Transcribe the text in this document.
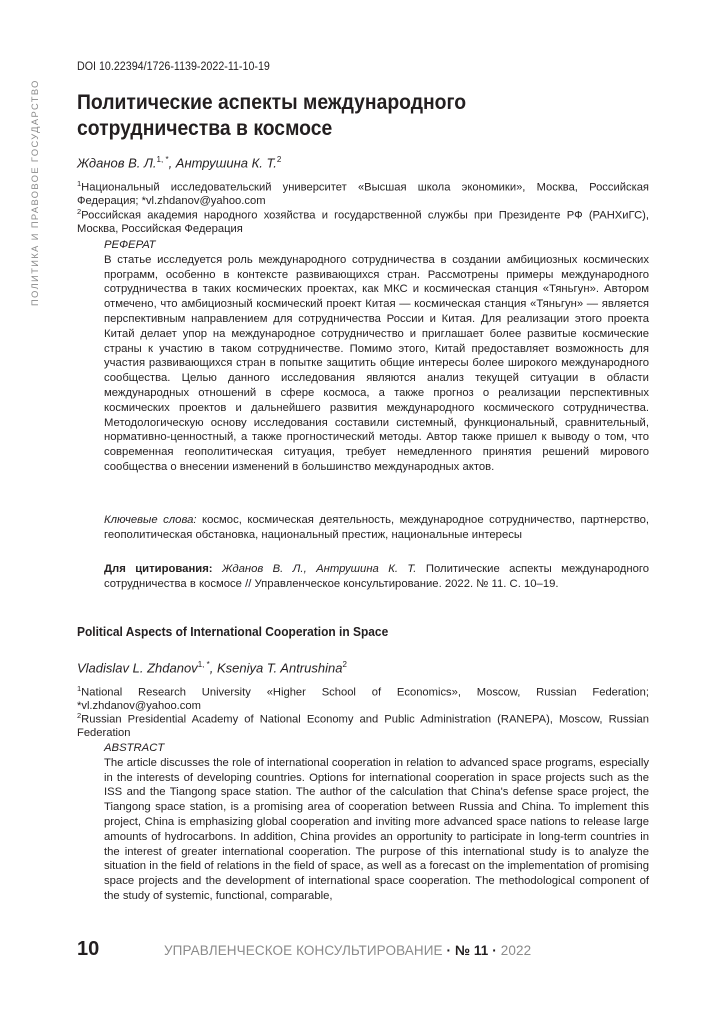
ПОЛИТИКА И ПРАВОВОЕ ГОСУДАРСТВО
DOI 10.22394/1726-1139-2022-11-10-19
Политические аспекты международного сотрудничества в космосе
Жданов В. Л.$^{1, *}$, Антрушина К. Т.$^2$
$^1$Национальный исследовательский университет «Высшая школа экономики», Москва, Российская Федерация; *vl.zhdanov@yahoo.com
$^2$Российская академия народного хозяйства и государственной службы при Президенте РФ (РАНХиГС), Москва, Российская Федерация
РЕФЕРАТ

В статье исследуется роль международного сотрудничества в создании амбициозных космических программ, особенно в контексте развивающихся стран. Рассмотрены примеры международного сотрудничества в таких космических проектах, как МКС и космическая станция «Тяньгун». Автором отмечено, что амбициозный космический проект Китая — космическая станция «Тяньгун» — является перспективным направлением для сотрудничества России и Китая. Для реализации этого проекта Китай делает упор на международное сотрудничество и приглашает более развитые космические страны к участию в таком сотрудничестве. Помимо этого, Китай предоставляет возможность для участия развивающихся стран в попытке защитить общие интересы более широкого международного сообщества. Целью данного исследования являются анализ текущей ситуации в области международных отношений в сфере космоса, а также прогноз о реализации перспективных космических проектов и дальнейшего развития международного космического сотрудничества. Методологическую основу исследования составили системный, функциональный, сравнительный, нормативно-ценностный, а также прогностический методы. Автор также пришел к выводу о том, что современная геополитическая ситуация, требует немедленного принятия решений мирового сообщества о внесении изменений в большинство международных актов.

Ключевые слова: космос, космическая деятельность, международное сотрудничество, партнерство, геополитическая обстановка, национальный престиж, национальные интересы
Для цитирования: Жданов В. Л., Антрушина К. Т. Политические аспекты международного сотрудничества в космосе // Управленческое консультирование. 2022. № 11. С. 10–19.
Political Aspects of International Cooperation in Space
Vladislav L. Zhdanov$^{1, *}$, Kseniya T. Antrushina$^2$
$^1$National Research University «Higher School of Economics», Moscow, Russian Federation; *vl.zhdanov@yahoo.com
$^2$Russian Presidential Academy of National Economy and Public Administration (RANEPA), Moscow, Russian Federation
ABSTRACT

The article discusses the role of international cooperation in relation to advanced space programs, especially in the interests of developing countries. Options for international cooperation in space projects such as the ISS and the Tiangong space station. The author of the calculation that China's defense space project, the Tiangong space station, is a promising area of cooperation between Russia and China. To implement this project, China is emphasizing global cooperation and inviting more advanced space nations to release large amounts of hydrocarbons. In addition, China provides an opportunity to participate in long-term countries in the interest of greater international cooperation. The purpose of this international study is to analyze the situation in the field of relations in the field of space, as well as a forecast on the implementation of promising space projects and the development of international space cooperation. The methodological component of the study of systemic, functional, comparable,

10	УПРАВЛЕНЧЕСКОЕ КОНСУЛЬТИРОВАНИЕ · № 11 · 2022
